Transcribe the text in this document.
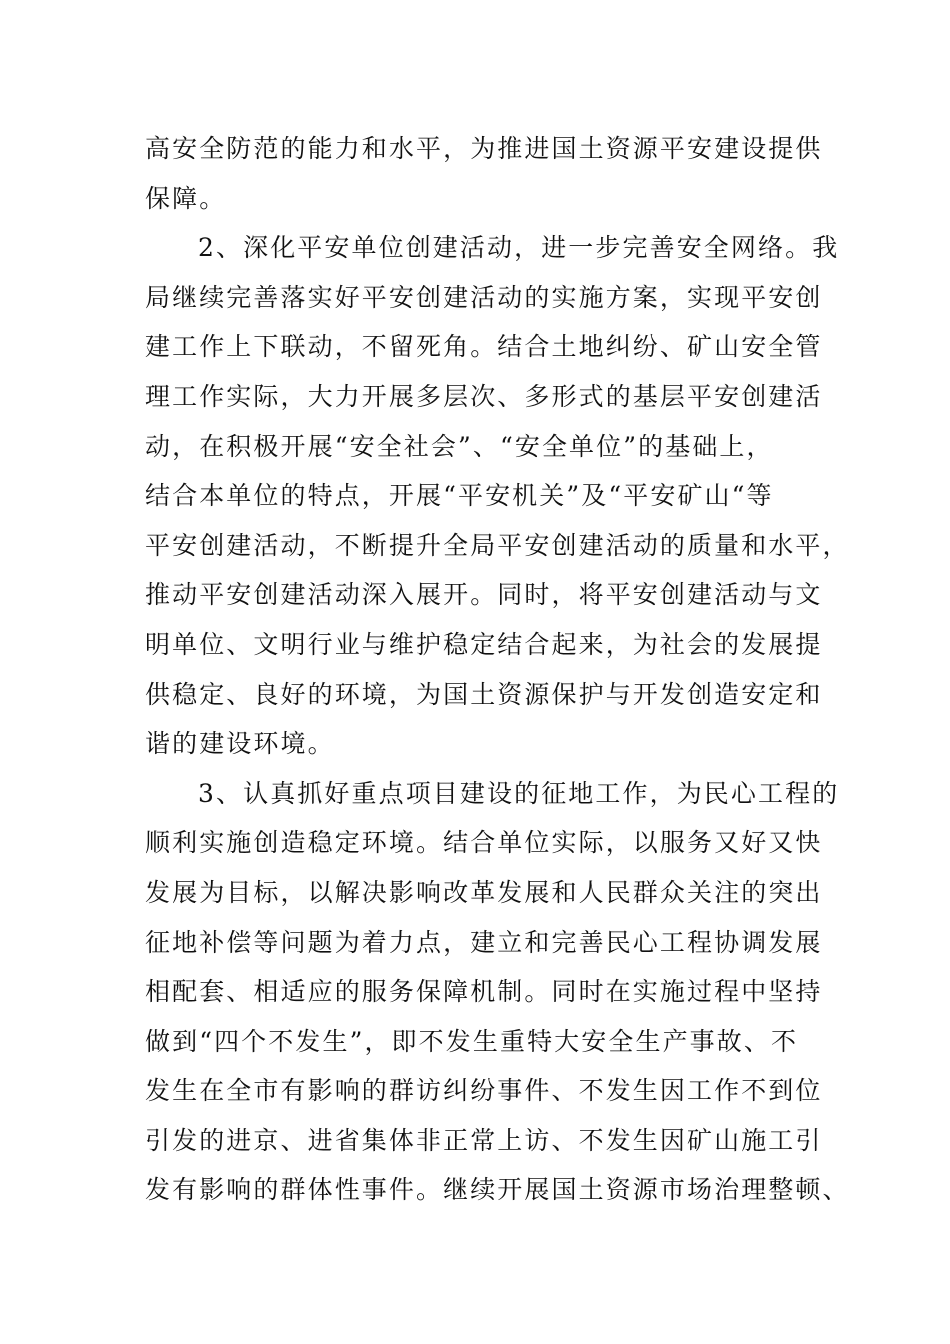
高安全防范的能力和水平，为推进国土资源平安建设提供
保障。
2、深化平安单位创建活动，进一步完善安全网络。我
局继续完善落实好平安创建活动的实施方案，实现平安创
建工作上下联动，不留死角。结合土地纠纷、矿山安全管
理工作实际，大力开展多层次、多形式的基层平安创建活
动，在积极开展“安全社会”、“安全单位”的基础上，
结合本单位的特点，开展“平安机关”及“平安矿山“等
平安创建活动，不断提升全局平安创建活动的质量和水平，
推动平安创建活动深入展开。同时，将平安创建活动与文
明单位、文明行业与维护稳定结合起来，为社会的发展提
供稳定、良好的环境，为国土资源保护与开发创造安定和
谐的建设环境。
3、认真抓好重点项目建设的征地工作，为民心工程的
顺利实施创造稳定环境。结合单位实际，以服务又好又快
发展为目标，以解决影响改革发展和人民群众关注的突出
征地补偿等问题为着力点，建立和完善民心工程协调发展
相配套、相适应的服务保障机制。同时在实施过程中坚持
做到“四个不发生”，即不发生重特大安全生产事故、不
发生在全市有影响的群访纠纷事件、不发生因工作不到位
引发的进京、进省集体非正常上访、不发生因矿山施工引
发有影响的群体性事件。继续开展国土资源市场治理整顿、
